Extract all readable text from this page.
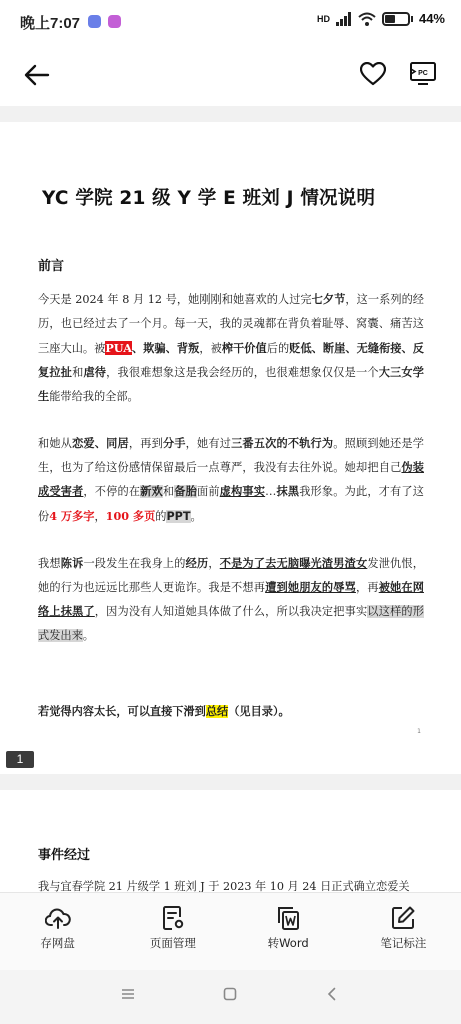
晚上7:07	HD	44%
PC
YC 学院 21 级 Y 学 E 班刘 J 情况说明
前言
今天是 2024 年 8 月 12 号，她刚刚和她喜欢的人过完七夕节，这一系列的经历，也已经过去了一个月。每一天，我的灵魂都在背负着耻辱、窝囊、痛苦这三座大山。被PUA、欺骗、背叛，被榨干价值后的贬低、断崖、无缝衔接、反复拉扯和虐待，我很难想象这是我会经历的，也很难想象仅仅是一个大三女学生能带给我的全部。
和她从恋爱、同居，再到分手，她有过三番五次的不轨行为。照顾到她还是学生，也为了给这份感情保留最后一点尊严，我没有去往外说。她却把自己伪装成受害者，不停的在新欢和备胎面前虚构事实…抹黑我形象。为此，才有了这份4 万多字，100 多页的PPT。
我想陈诉一段发生在我身上的经历，不是为了去无脑曝光渣男渣女发泄仇恨，她的行为也远远比那些人更诡诈。我是不想再遭到她朋友的辱骂，再被她在网络上抹黑了，因为没有人知道她具体做了什么，所以我决定把事实以这样的形式发出来。
若觉得内容太长，可以直接下滑到总结（见目录）。
1
1
事件经过
我与宜春学院 21 片级学 1 班刘 J 于 2023 年 10 月 24 日正式确立恋爱关
存网盘	页面管理	转Word	笔记标注
